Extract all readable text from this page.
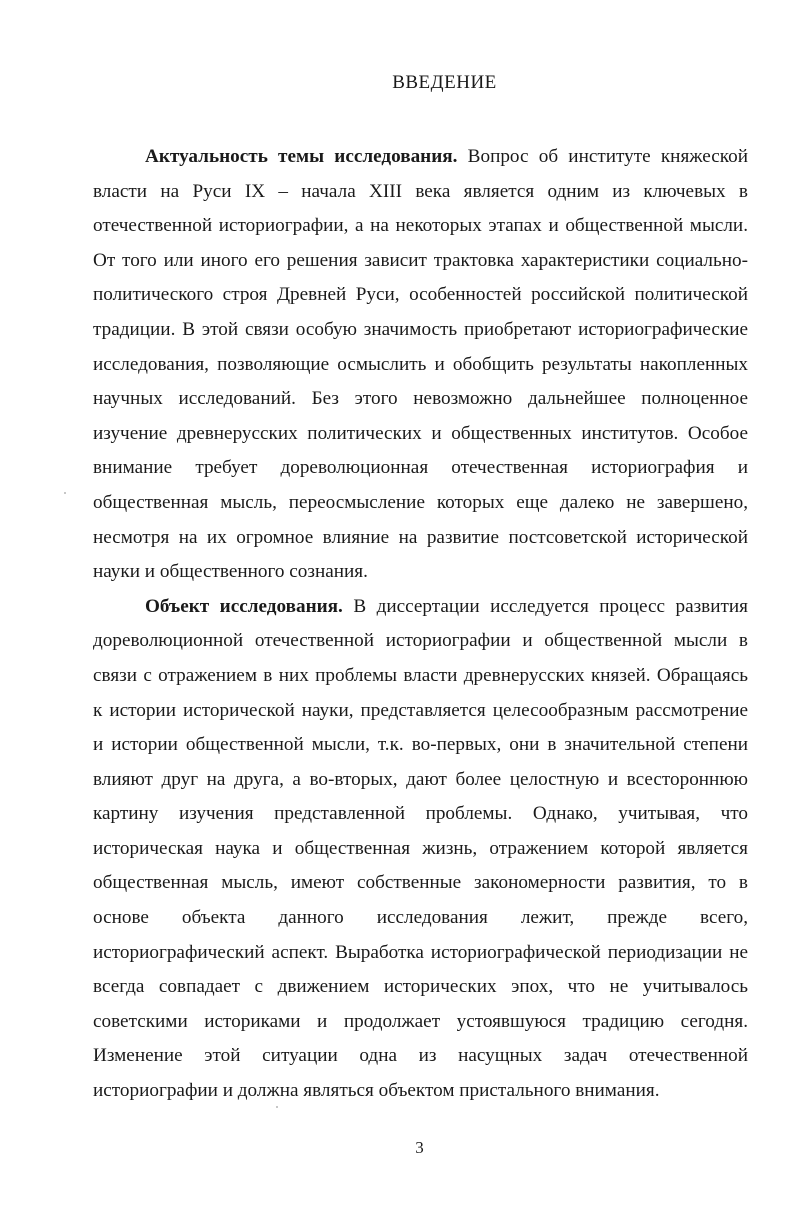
ВВЕДЕНИЕ

Актуальность темы исследования. Вопрос об институте княжеской власти на Руси IX – начала XIII века является одним из ключевых в отечественной историографии, а на некоторых этапах и общественной мысли. От того или иного его решения зависит трактовка характеристики социально-политического строя Древней Руси, особенностей российской политической традиции. В этой связи особую значимость приобретают историографические исследования, позволяющие осмыслить и обобщить результаты накопленных научных исследований. Без этого невозможно дальнейшее полноценное изучение древнерусских политических и общественных институтов. Особое внимание требует дореволюционная отечественная историография и общественная мысль, переосмысление которых еще далеко не завершено, несмотря на их огромное влияние на развитие постсоветской исторической науки и общественного сознания.

Объект исследования. В диссертации исследуется процесс развития дореволюционной отечественной историографии и общественной мысли в связи с отражением в них проблемы власти древнерусских князей. Обращаясь к истории исторической науки, представляется целесообразным рассмотрение и истории общественной мысли, т.к. во-первых, они в значительной степени влияют друг на друга, а во-вторых, дают более целостную и всестороннюю картину изучения представленной проблемы. Однако, учитывая, что историческая наука и общественная жизнь, отражением которой является общественная мысль, имеют собственные закономерности развития, то в основе объекта данного исследования лежит, прежде всего, историографический аспект. Выработка историографической периодизации не всегда совпадает с движением исторических эпох, что не учитывалось советскими историками и продолжает устоявшуюся традицию сегодня. Изменение этой ситуации одна из насущных задач отечественной историографии и должна являться объектом пристального внимания.

3
